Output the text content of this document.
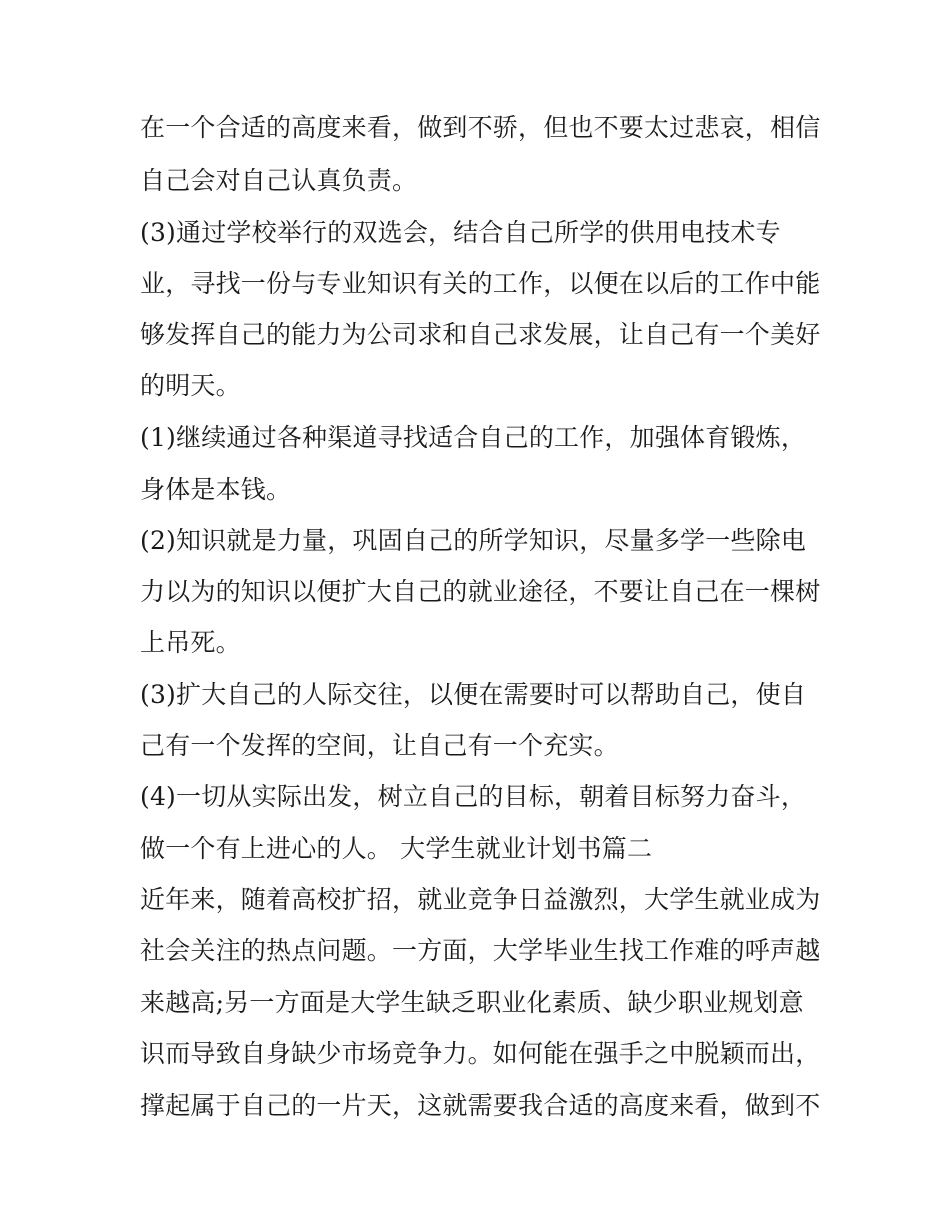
在一个合适的高度来看，做到不骄，但也不要太过悲哀，相信

自己会对自己认真负责。

(3)通过学校举行的双选会，结合自己所学的供用电技术专

业，寻找一份与专业知识有关的工作，以便在以后的工作中能

够发挥自己的能力为公司求和自己求发展，让自己有一个美好

的明天。

(1)继续通过各种渠道寻找适合自己的工作，加强体育锻炼，

身体是本钱。

(2)知识就是力量，巩固自己的所学知识，尽量多学一些除电

力以为的知识以便扩大自己的就业途径，不要让自己在一棵树

上吊死。

(3)扩大自己的人际交往，以便在需要时可以帮助自己，使自

己有一个发挥的空间，让自己有一个充实。

(4)一切从实际出发，树立自己的目标，朝着目标努力奋斗，

做一个有上进心的人。 大学生就业计划书篇二

近年来，随着高校扩招，就业竞争日益激烈，大学生就业成为

社会关注的热点问题。一方面，大学毕业生找工作难的呼声越

来越高;另一方面是大学生缺乏职业化素质、缺少职业规划意

识而导致自身缺少市场竞争力。如何能在强手之中脱颖而出，

撑起属于自己的一片天，这就需要我合适的高度来看，做到不
